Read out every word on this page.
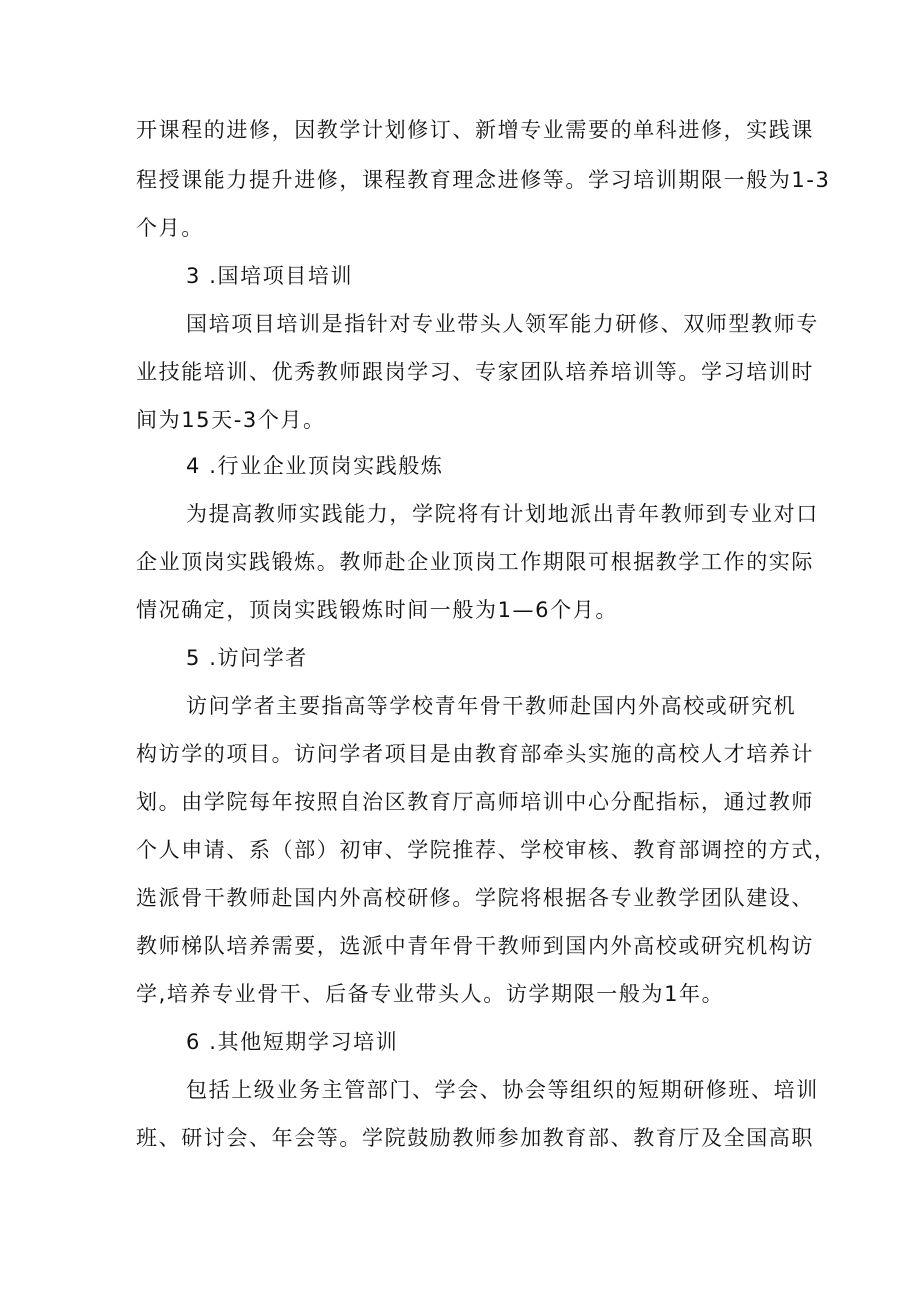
开课程的进修，因教学计划修订、新增专业需要的单科进修，实践课
程授课能力提升进修，课程教育理念进修等。学习培训期限一般为1-3
个月。
3 .国培项目培训
国培项目培训是指针对专业带头人领军能力研修、双师型教师专
业技能培训、优秀教师跟岗学习、专家团队培养培训等。学习培训时
间为15天-3个月。
4 .行业企业顶岗实践般炼
为提高教师实践能力，学院将有计划地派出青年教师到专业对口
企业顶岗实践锻炼。教师赴企业顶岗工作期限可根据教学工作的实际
情况确定，顶岗实践锻炼时间一般为1—6个月。
5 .访问学者
访问学者主要指高等学校青年骨干教师赴国内外高校或研究机
构访学的项目。访问学者项目是由教育部牵头实施的高校人才培养计
划。由学院每年按照自治区教育厅高师培训中心分配指标，通过教师
个人申请、系（部）初审、学院推荐、学校审核、教育部调控的方式，
选派骨干教师赴国内外高校研修。学院将根据各专业教学团队建设、
教师梯队培养需要，选派中青年骨干教师到国内外高校或研究机构访
学,培养专业骨干、后备专业带头人。访学期限一般为1年。
6 .其他短期学习培训
包括上级业务主管部门、学会、协会等组织的短期研修班、培训
班、研讨会、年会等。学院鼓励教师参加教育部、教育厅及全国高职
